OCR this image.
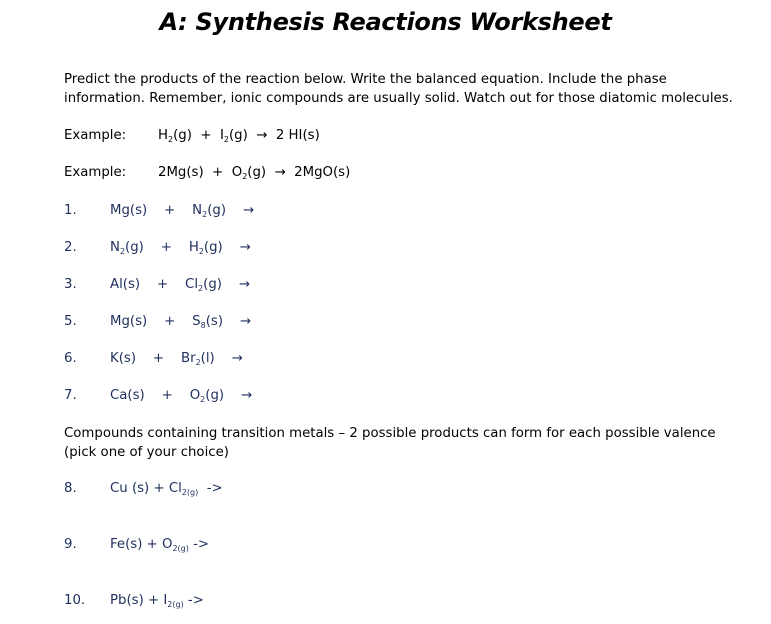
A: Synthesis Reactions Worksheet
Predict the products of the reaction below. Write the balanced equation. Include the phase
information. Remember, ionic compounds are usually solid. Watch out for those diatomic molecules.
Example: $H_2(g) + I_2(g) \to 2$ HI(s)
Example: $2Mg(s) + O_2(g) \to 2MgO(s)$
1.	Mg(s)    +    $N_2(g)$    →
2.	$N_2(g)$    +    $H_2(g)$    →
3.	Al(s)    +    $Cl_2(g)$    →
5.	Mg(s)    +    $S_8(s)$    →
6.	K(s)    +    $Br_2(l)$    →
7.	Ca(s)    +    $O_2(g)$    →
Compounds containing transition metals – 2 possible products can form for each possible valence
(pick one of your choice)
8.	Cu $(s) + Cl_{2(g)}$  ->
9.	$Fe(s) + O_{2(g)}$ ->
10. $Pb(s) + I_{2(g)}$ ->
